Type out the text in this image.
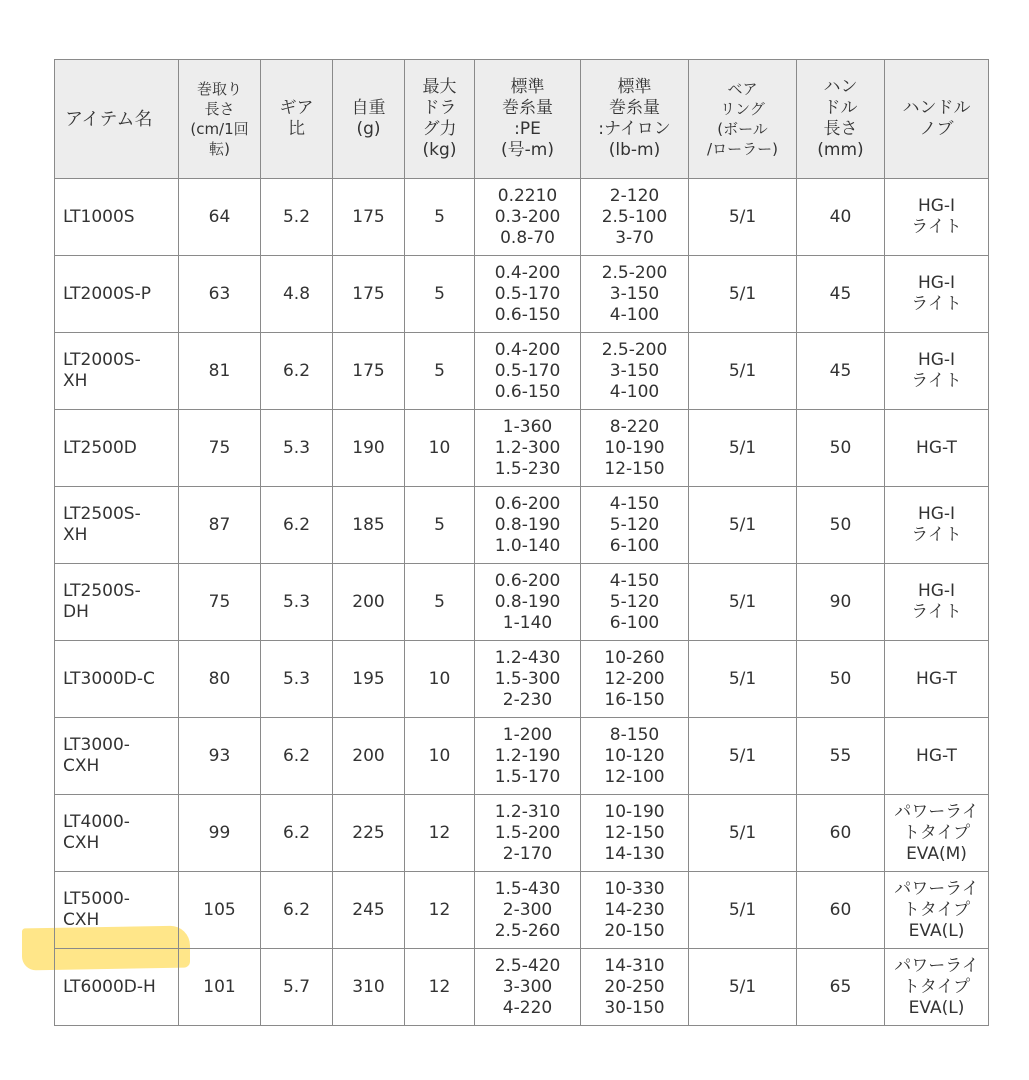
アイテム名	巻取り
長さ
(cm/1回
転)	ギア
比	自重
(g)	最大
ドラ
グ力
(kg)	標準
巻糸量
:PE
(号-m)	標準
巻糸量
:ナイロン
(lb-m)	ベア
リング
(ボール
/ローラー)	ハン
ドル
長さ
(mm)	ハンドル
ノブ
LT1000S	64	5.2	175	5	0.2210
0.3-200
0.8-70	2-120
2.5-100
3-70	5/1	40	HG-I
ライト
LT2000S-P	63	4.8	175	5	0.4-200
0.5-170
0.6-150	2.5-200
3-150
4-100	5/1	45	HG-I
ライト
LT2000S-
XH	81	6.2	175	5	0.4-200
0.5-170
0.6-150	2.5-200
3-150
4-100	5/1	45	HG-I
ライト
LT2500D	75	5.3	190	10	1-360
1.2-300
1.5-230	8-220
10-190
12-150	5/1	50	HG-T
LT2500S-
XH	87	6.2	185	5	0.6-200
0.8-190
1.0-140	4-150
5-120
6-100	5/1	50	HG-I
ライト
LT2500S-
DH	75	5.3	200	5	0.6-200
0.8-190
1-140	4-150
5-120
6-100	5/1	90	HG-I
ライト
LT3000D-C	80	5.3	195	10	1.2-430
1.5-300
2-230	10-260
12-200
16-150	5/1	50	HG-T
LT3000-
CXH	93	6.2	200	10	1-200
1.2-190
1.5-170	8-150
10-120
12-100	5/1	55	HG-T
LT4000-
CXH	99	6.2	225	12	1.2-310
1.5-200
2-170	10-190
12-150
14-130	5/1	60	パワーライ
トタイプ
EVA(M)
LT5000-
CXH	105	6.2	245	12	1.5-430
2-300
2.5-260	10-330
14-230
20-150	5/1	60	パワーライ
トタイプ
EVA(L)
LT6000D-H	101	5.7	310	12	2.5-420
3-300
4-220	14-310
20-250
30-150	5/1	65	パワーライ
トタイプ
EVA(L)
